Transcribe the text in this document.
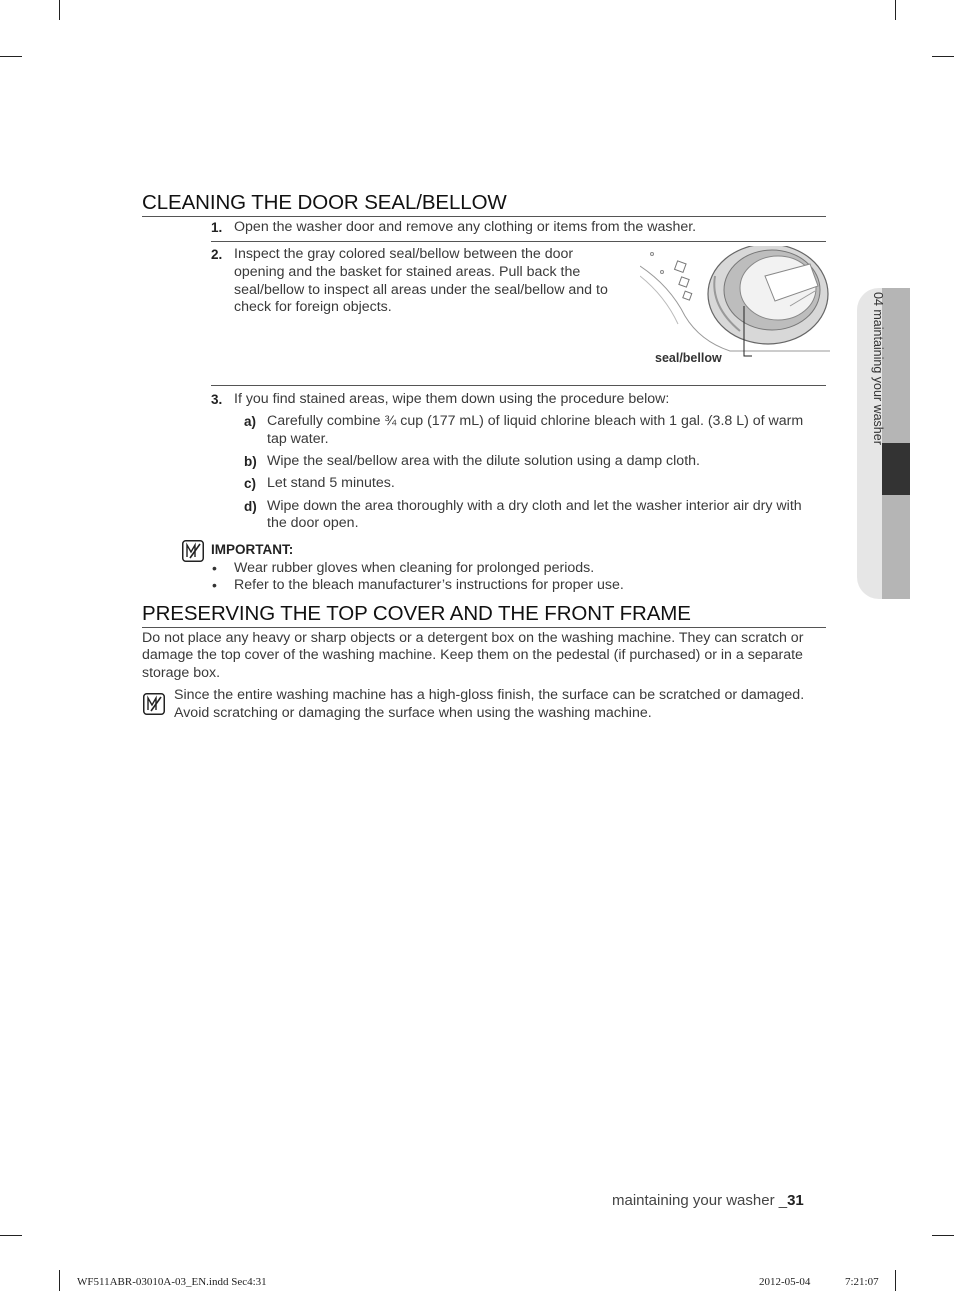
04 maintaining your washer
CLEANING THE DOOR SEAL/BELLOW
1. Open the washer door and remove any clothing or items from the washer.
2. Inspect the gray colored seal/bellow between the door
opening and the basket for stained areas. Pull back the
seal/bellow to inspect all areas under the seal/bellow and to
check for foreign objects.
seal/bellow
3. If you find stained areas, wipe them down using the procedure below:
a) Carefully combine ¾ cup (177 mL) of liquid chlorine bleach with 1 gal. (3.8 L) of warm
tap water.
b) Wipe the seal/bellow area with the dilute solution using a damp cloth.
c) Let stand 5 minutes.
d) Wipe down the area thoroughly with a dry cloth and let the washer interior air dry with
the door open.
IMPORTANT:
• Wear rubber gloves when cleaning for prolonged periods.
• Refer to the bleach manufacturer’s instructions for proper use.
PRESERVING THE TOP COVER AND THE FRONT FRAME
Do not place any heavy or sharp objects or a detergent box on the washing machine. They can scratch or
damage the top cover of the washing machine. Keep them on the pedestal (if purchased) or in a separate
storage box.
Since the entire washing machine has a high-gloss finish, the surface can be scratched or damaged.
Avoid scratching or damaging the surface when using the washing machine.
maintaining your washer _31
WF511ABR-03010A-03_EN.indd Sec4:31	2012-05-04	7:21:07
